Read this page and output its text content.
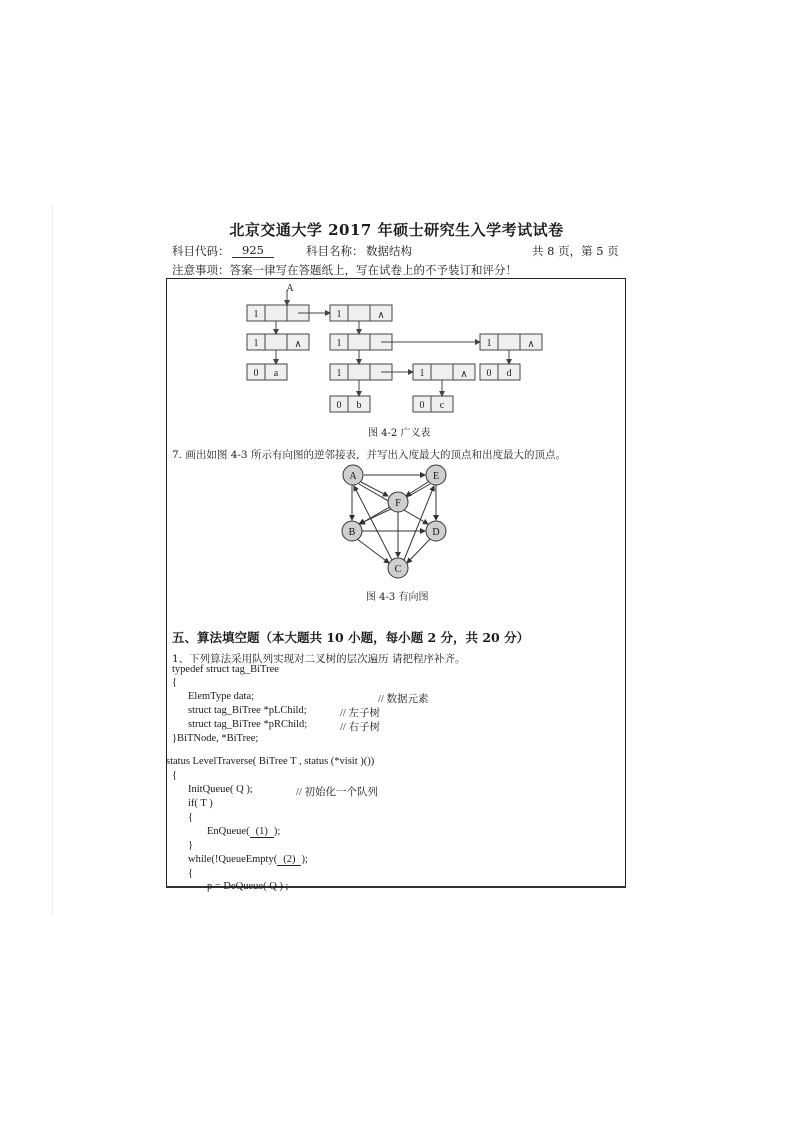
北京交通大学 2017 年硕士研究生入学考试试卷
科目代码：	925	科目名称： 数据结构	共 8 页，第 5 页
注意事项：答案一律写在答题纸上，写在试卷上的不予装订和评分！
A
1	1
1	1	1
1	1
0	0
0	0
a	d
b	c
∧
∧	∧
∧
图 4-2 广义表
7. 画出如图 4-3 所示有向图的逆邻接表，并写出入度最大的顶点和出度最大的顶点。
A	E
F
B	D
C
图 4-3 有向图
五、算法填空题（本大题共 10 小题，每小题 2 分，共 20 分）
1、下列算法采用队列实现对二叉树的层次遍历 请把程序补齐。
typedef struct tag_BiTree
{
ElemType data;	// 数据元素
struct tag_BiTree *pLChild;	// 左子树
struct tag_BiTree *pRChild;	// 右子树
}BiTNode, *BiTree;
status LevelTraverse( BiTree T , status (*visit )())
{
InitQueue( Q );	// 初始化一个队列
if( T )
{
EnQueue( (1) );
}
while(!QueueEmpty( (2) );
{
p = DeQueue( Q ) ;
